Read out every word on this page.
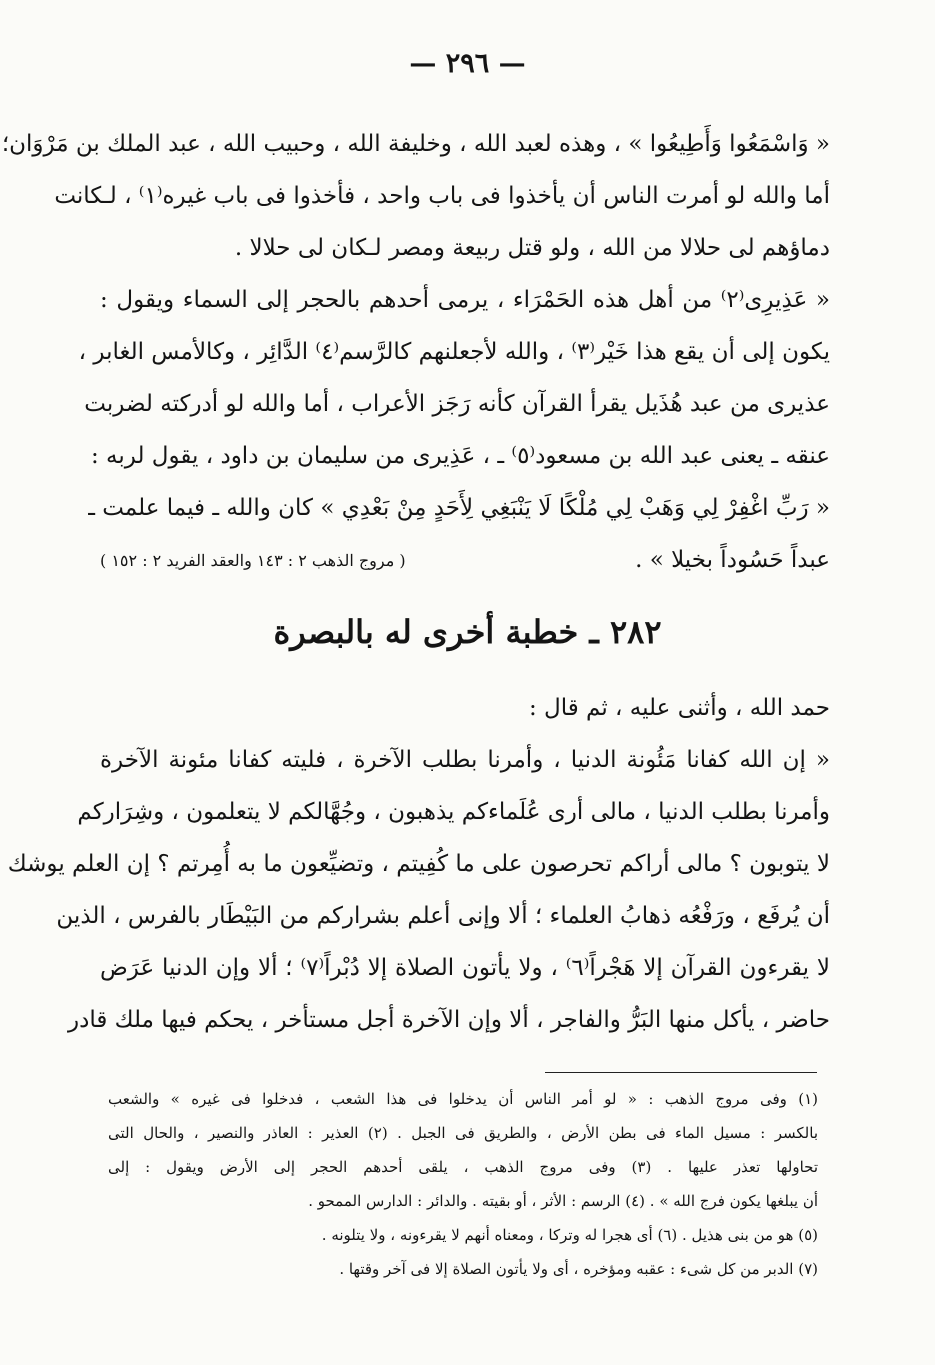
— ٢٩٦ —
« وَاسْمَعُوا وَأَطِيعُوا » ، وهذه لعبد الله ، وخليفة الله ، وحبيب الله ، عبد الملك بن مَرْوَان؛
أما والله لو أمرت الناس أن يأخذوا فى باب واحد ، فأخذوا فى باب غيره⁽١⁾ ، لـكانت
دماؤهم لى حلالا من الله ، ولو قتل ربيعة ومصر لـكان لى حلالا .
« عَذِيرِى⁽٢⁾ من أهل هذه الحَمْرَاء ، يرمى أحدهم بالحجر إلى السماء ويقول :
يكون إلى أن يقع هذا خَيْر⁽٣⁾ ، والله لأجعلنهم كالرَّسم⁽٤⁾ الدَّائِر ، وكالأمس الغابر ،
عذيرى من عبد هُذَيل يقرأ القرآن كأنه رَجَز الأعراب ، أما والله لو أدركته لضربت
عنقه ـ يعنى عبد الله بن مسعود⁽٥⁾ ـ ، عَذِيرى من سليمان بن داود ، يقول لربه :
« رَبِّ اغْفِرْ لِي وَهَبْ لِي مُلْكًا لَا يَنْبَغِي لِأَحَدٍ مِنْ بَعْدِي » كان والله ـ فيما علمت ـ
عبداً حَسُوداً بخيلا » .
( مروج الذهب ٢ : ١٤٣ والعقد الفريد ٢ : ١٥٢ )
٢٨٢ ـ خطبة أخرى له بالبصرة
حمد الله ، وأثنى عليه ، ثم قال :
« إن الله كفانا مَئُونة الدنيا ، وأمرنا بطلب الآخرة ، فليته كفانا مئونة الآخرة
وأمرنا بطلب الدنيا ، مالى أرى عُلَماءكم يذهبون ، وجُهَّالكم لا يتعلمون ، وشِرَاركم
لا يتوبون ؟ مالى أراكم تحرصون على ما كُفِيتم ، وتضيِّعون ما به أُمِرتم ؟ إن العلم يوشك
أن يُرفَع ، ورَفْعُه ذهابُ العلماء ؛ ألا وإنى أعلم بشراركم من البَيْطَار بالفرس ، الذين
لا يقرءون القرآن إلا هَجْراً⁽٦⁾ ، ولا يأتون الصلاة إلا دُبْراً⁽٧⁾ ؛ ألا وإن الدنيا عَرَض
حاضر ، يأكل منها البَرُّ والفاجر ، ألا وإن الآخرة أجل مستأخر ، يحكم فيها ملك قادر
(١) وفى مروج الذهب : « لو أمر الناس أن يدخلوا فى هذا الشعب ، فدخلوا فى غيره » والشعب
بالكسر : مسيل الماء فى بطن الأرض ، والطريق فى الجبل . (٢) العذير : العاذر والنصير ، والحال التى
تحاولها تعذر عليها . (٣) وفى مروج الذهب ، يلقى أحدهم الحجر إلى الأرض ويقول : إلى
أن يبلغها يكون فرج الله » . (٤) الرسم : الأثر ، أو بقيته . والدائر : الدارس الممحو .
(٥) هو من بنى هذيل . (٦) أى هجرا له وتركا ، ومعناه أنهم لا يقرءونه ، ولا يتلونه .
(٧) الدبر من كل شىء : عقبه ومؤخره ، أى ولا يأتون الصلاة إلا فى آخر وقتها .
